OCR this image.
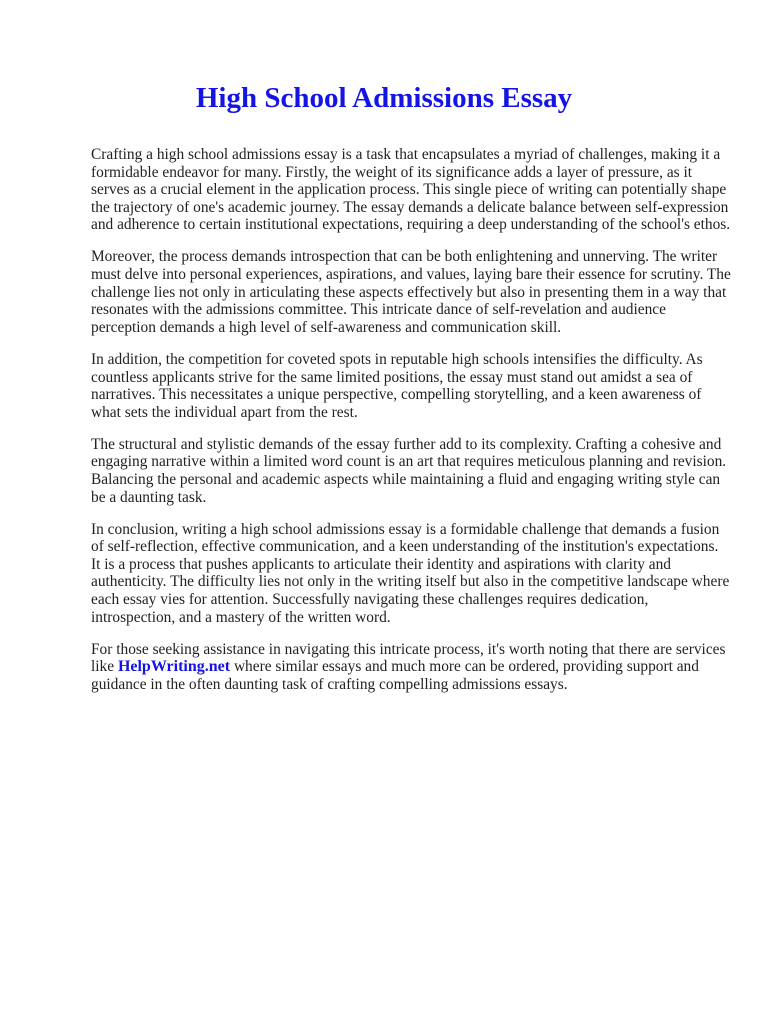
High School Admissions Essay

Crafting a high school admissions essay is a task that encapsulates a myriad of challenges, making it a formidable endeavor for many. Firstly, the weight of its significance adds a layer of pressure, as it serves as a crucial element in the application process. This single piece of writing can potentially shape the trajectory of one's academic journey. The essay demands a delicate balance between self-expression and adherence to certain institutional expectations, requiring a deep understanding of the school's ethos.

Moreover, the process demands introspection that can be both enlightening and unnerving. The writer must delve into personal experiences, aspirations, and values, laying bare their essence for scrutiny. The challenge lies not only in articulating these aspects effectively but also in presenting them in a way that resonates with the admissions committee. This intricate dance of self-revelation and audience perception demands a high level of self-awareness and communication skill.

In addition, the competition for coveted spots in reputable high schools intensifies the difficulty. As countless applicants strive for the same limited positions, the essay must stand out amidst a sea of narratives. This necessitates a unique perspective, compelling storytelling, and a keen awareness of what sets the individual apart from the rest.

The structural and stylistic demands of the essay further add to its complexity. Crafting a cohesive and engaging narrative within a limited word count is an art that requires meticulous planning and revision. Balancing the personal and academic aspects while maintaining a fluid and engaging writing style can be a daunting task.

In conclusion, writing a high school admissions essay is a formidable challenge that demands a fusion of self-reflection, effective communication, and a keen understanding of the institution's expectations. It is a process that pushes applicants to articulate their identity and aspirations with clarity and authenticity. The difficulty lies not only in the writing itself but also in the competitive landscape where each essay vies for attention. Successfully navigating these challenges requires dedication, introspection, and a mastery of the written word.

For those seeking assistance in navigating this intricate process, it's worth noting that there are services like HelpWriting.net where similar essays and much more can be ordered, providing support and guidance in the often daunting task of crafting compelling admissions essays.
